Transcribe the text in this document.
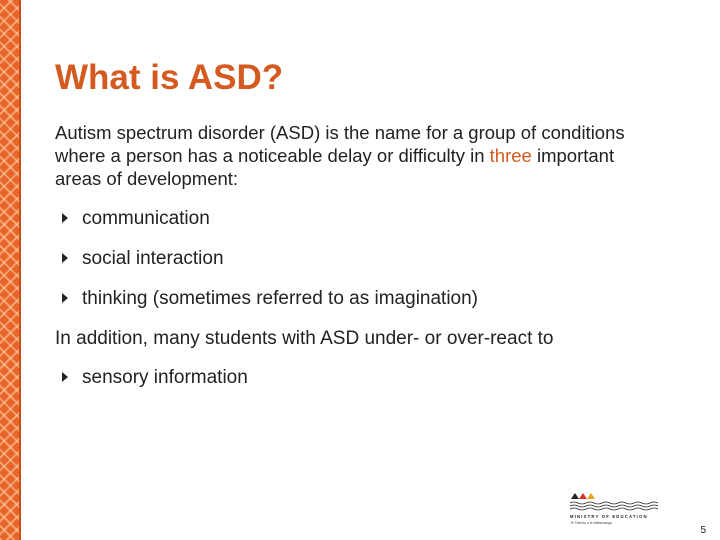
What is ASD?

Autism spectrum disorder (ASD) is the name for a group of conditions where a person has a noticeable delay or difficulty in three important areas of development:

communication
social interaction
thinking (sometimes referred to as imagination)

In addition, many students with ASD under- or over-react to

sensory information
MINISTRY OF EDUCATION
Te Tāhuhu o te Mātauranga
5
